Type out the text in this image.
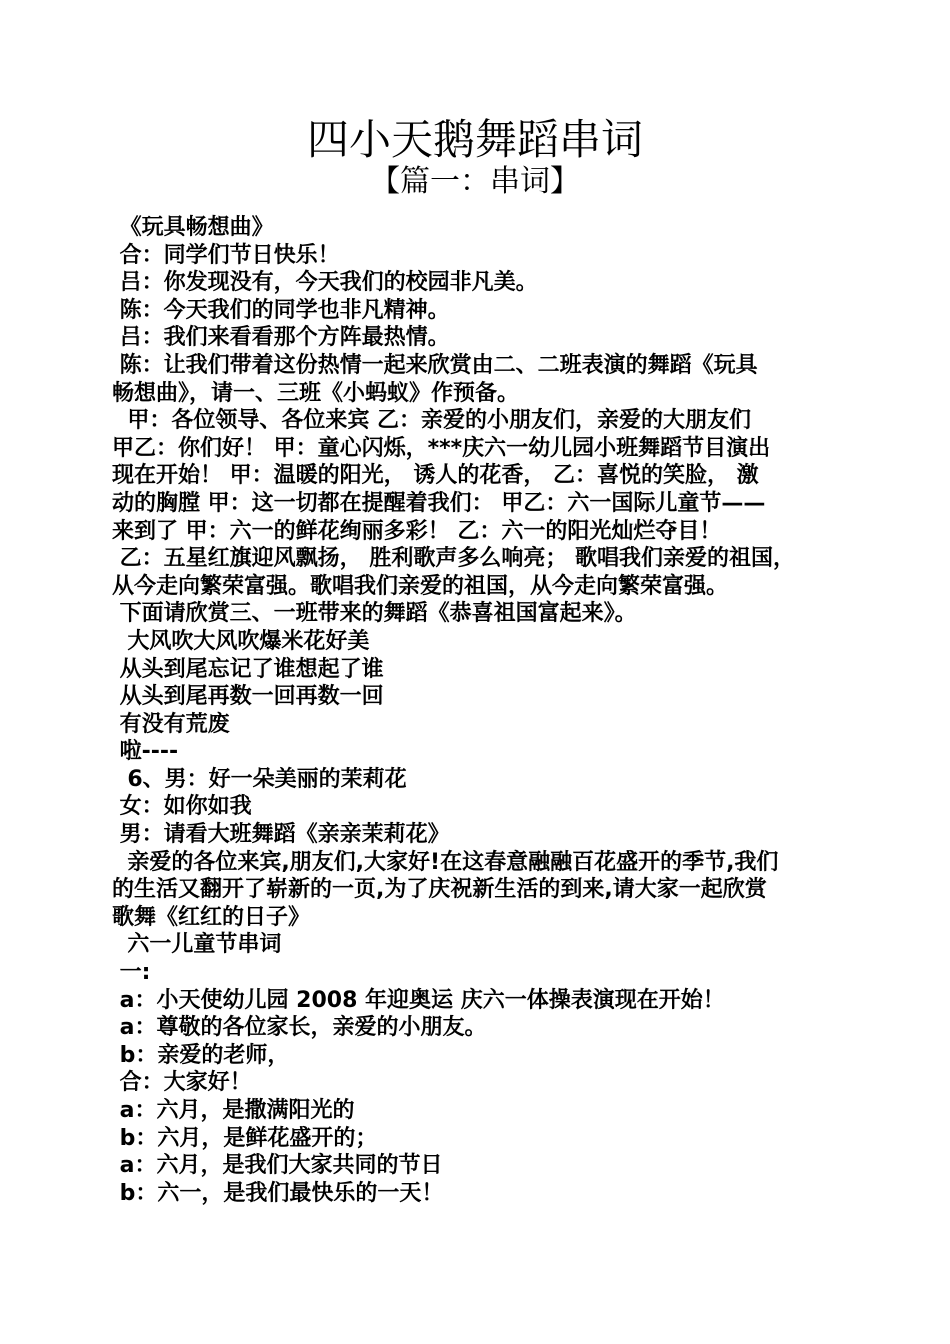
四小天鹅舞蹈串词
【篇一：串词】
《玩具畅想曲》
合：同学们节日快乐！
吕：你发现没有，今天我们的校园非凡美。
陈：今天我们的同学也非凡精神。
吕：我们来看看那个方阵最热情。
陈：让我们带着这份热情一起来欣赏由二、二班表演的舞蹈《玩具
畅想曲》，请一、三班《小蚂蚁》作预备。
甲：各位领导、各位来宾 乙：亲爱的小朋友们，亲爱的大朋友们
甲乙：你们好！ 甲：童心闪烁，***庆六一幼儿园小班舞蹈节目演出
现在开始！ 甲：温暖的阳光， 诱人的花香， 乙：喜悦的笑脸， 激
动的胸膛 甲：这一切都在提醒着我们： 甲乙：六一国际儿童节——
来到了 甲：六一的鲜花绚丽多彩！ 乙：六一的阳光灿烂夺目！
乙：五星红旗迎风飘扬， 胜利歌声多么响亮； 歌唱我们亲爱的祖国，
从今走向繁荣富强。歌唱我们亲爱的祖国，从今走向繁荣富强。
下面请欣赏三、一班带来的舞蹈《恭喜祖国富起来》。
大风吹大风吹爆米花好美
从头到尾忘记了谁想起了谁
从头到尾再数一回再数一回
有没有荒废
啦----
6、男：好一朵美丽的茉莉花
女：如你如我
男：请看大班舞蹈《亲亲茉莉花》
亲爱的各位来宾,朋友们,大家好!在这春意融融百花盛开的季节,我们
的生活又翻开了崭新的一页,为了庆祝新生活的到来,请大家一起欣赏
歌舞《红红的日子》
六一儿童节串词
一:
a：小天使幼儿园 2008 年迎奥运 庆六一体操表演现在开始！
a：尊敬的各位家长，亲爱的小朋友。
b：亲爱的老师，
合：大家好！
a：六月，是撒满阳光的
b：六月，是鲜花盛开的；
a：六月，是我们大家共同的节日
b：六一，是我们最快乐的一天！
